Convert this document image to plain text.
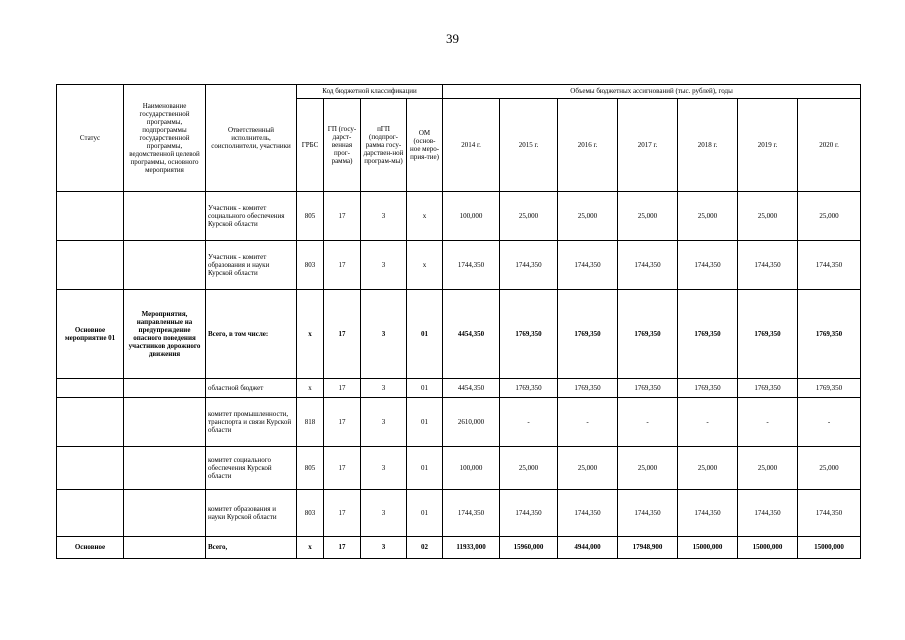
39
Статус	Наименование государственной программы, подпрограммы государственной программы, ведомственной целевой программы, основного мероприятия	Ответственный исполнитель, соисполнители, участники	Код бюджетной классификации				Объемы бюджетных ассигнований (тыс. рублей), годы						
			ГРБС	ГП (госу-дарст-венная прог-рамма)	пГП (подпрог-рамма госу-дарствен-ной програм-мы)	ОМ (основ-ное меро-прия-тие)	2014 г.	2015 г.	2016 г.	2017 г.	2018 г.	2019 г.	2020 г.
		Участник - комитет социального обеспечения Курской области	805	17	3	х	100,000	25,000	25,000	25,000	25,000	25,000	25,000
		Участник - комитет образования и науки Курской области	803	17	3	х	1744,350	1744,350	1744,350	1744,350	1744,350	1744,350	1744,350
Основное мероприятие 01	Мероприятия, направленные на предупреждение опасного поведения участников дорожного движения	Всего, в том числе:	х	17	3	01	4454,350	1769,350	1769,350	1769,350	1769,350	1769,350	1769,350
		областной бюджет	х	17	3	01	4454,350	1769,350	1769,350	1769,350	1769,350	1769,350	1769,350
		комитет промышленности, транспорта и связи Курской области	818	17	3	01	2610,000	-	-	-	-	-	-
		комитет социального обеспечения Курской области	805	17	3	01	100,000	25,000	25,000	25,000	25,000	25,000	25,000
		комитет образования и науки Курской области	803	17	3	01	1744,350	1744,350	1744,350	1744,350	1744,350	1744,350	1744,350
Основное		Всего,	х	17	3	02	11933,000	15960,000	4944,000	17948,900	15000,000	15000,000	15000,000
